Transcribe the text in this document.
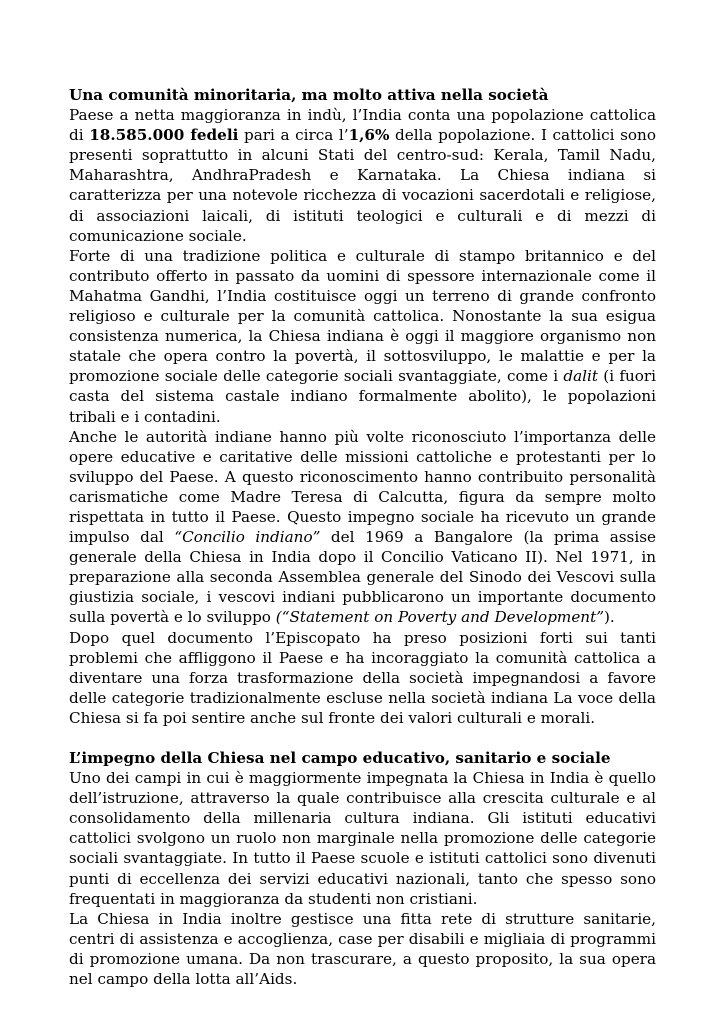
Una comunità minoritaria, ma molto attiva nella società

Paese a netta maggioranza in indù, l’India conta una popolazione cattolica di 18.585.000 fedeli pari a circa l’1,6% della popolazione. I cattolici sono presenti soprattutto in alcuni Stati del centro-sud: Kerala, Tamil Nadu, Maharashtra, AndhraPradesh e Karnataka. La Chiesa indiana si caratterizza per una notevole ricchezza di vocazioni sacerdotali e religiose, di associazioni laicali, di istituti teologici e culturali e di mezzi di comunicazione sociale.

Forte di una tradizione politica e culturale di stampo britannico e del contributo offerto in passato da uomini di spessore internazionale come il Mahatma Gandhi, l’India costituisce oggi un terreno di grande confronto religioso e culturale per la comunità cattolica. Nonostante la sua esigua consistenza numerica, la Chiesa indiana è oggi il maggiore organismo non statale che opera contro la povertà, il sottosviluppo, le malattie e per la promozione sociale delle categorie sociali svantaggiate, come i dalit (i fuori casta del sistema castale indiano formalmente abolito), le popolazioni tribali e i contadini.

Anche le autorità indiane hanno più volte riconosciuto l’importanza delle opere educative e caritative delle missioni cattoliche e protestanti per lo sviluppo del Paese. A questo riconoscimento hanno contribuito personalità carismatiche come Madre Teresa di Calcutta, figura da sempre molto rispettata in tutto il Paese. Questo impegno sociale ha ricevuto un grande impulso dal “Concilio indiano” del 1969 a Bangalore (la prima assise generale della Chiesa in India dopo il Concilio Vaticano II). Nel 1971, in preparazione alla seconda Assemblea generale del Sinodo dei Vescovi sulla giustizia sociale, i vescovi indiani pubblicarono un importante documento sulla povertà e lo sviluppo (“Statement on Poverty and Development”).

Dopo quel documento l’Episcopato ha preso posizioni forti sui tanti problemi che affliggono il Paese e ha incoraggiato la comunità cattolica a diventare una forza trasformazione della società impegnandosi a favore delle categorie tradizionalmente escluse nella società indiana La voce della Chiesa si fa poi sentire anche sul fronte dei valori culturali e morali.

L’impegno della Chiesa nel campo educativo, sanitario e sociale

Uno dei campi in cui è maggiormente impegnata la Chiesa in India è quello dell’istruzione, attraverso la quale contribuisce alla crescita culturale e al consolidamento della millenaria cultura indiana. Gli istituti educativi cattolici svolgono un ruolo non marginale nella promozione delle categorie sociali svantaggiate. In tutto il Paese scuole e istituti cattolici sono divenuti punti di eccellenza dei servizi educativi nazionali, tanto che spesso sono frequentati in maggioranza da studenti non cristiani.

La Chiesa in India inoltre gestisce una fitta rete di strutture sanitarie, centri di assistenza e accoglienza, case per disabili e migliaia di programmi di promozione umana. Da non trascurare, a questo proposito, la sua opera nel campo della lotta all’Aids.
